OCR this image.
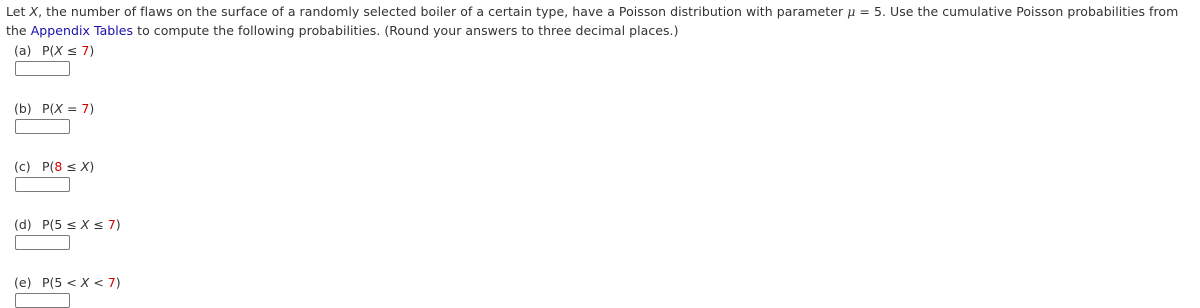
Let X, the number of flaws on the surface of a randomly selected boiler of a certain type, have a Poisson distribution with parameter μ = 5. Use the cumulative Poisson probabilities from the Appendix Tables to compute the following probabilities. (Round your answers to three decimal places.)

(a) P(X ≤ 7)
(b) P(X = 7)
(c) P(8 ≤ X)
(d) P(5 ≤ X ≤ 7)
(e) P(5 < X < 7)
